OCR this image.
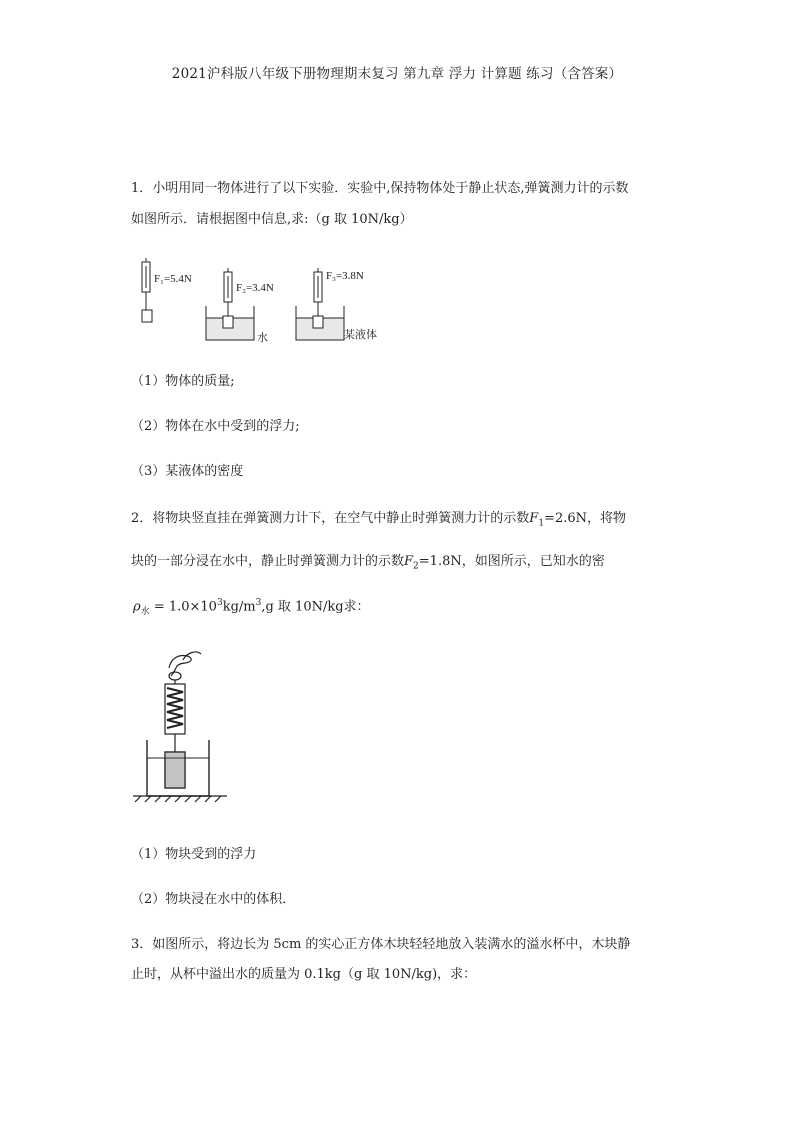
2021沪科版八年级下册物理期末复习 第九章 浮力 计算题 练习（含答案）
1．小明用同一物体进行了以下实验．实验中,保持物体处于静止状态,弹簧测力计的示数
如图所示．请根据图中信息,求:（g 取 10N/kg）
F₁=5.4N
F₂=3.4N
水
F₃=3.8N
某液体
（1）物体的质量;
（2）物体在水中受到的浮力;
（3）某液体的密度
2．将物块竖直挂在弹簧测力计下，在空气中静止时弹簧测力计的示数$F_1=2.6N$，将物
块的一部分浸在水中，静止时弹簧测力计的示数$F_2=1.8N$，如图所示，已知水的密
$\rho_水 = 1.0\times 10^3kg/m^3,g$ 取 10N/kg求：
（1）物块受到的浮力
（2）物块浸在水中的体积．
3．如图所示，将边长为 5cm 的实心正方体木块轻轻地放入装满水的溢水杯中，木块静
止时，从杯中溢出水的质量为 0.1kg（g 取 10N/kg)，求：
